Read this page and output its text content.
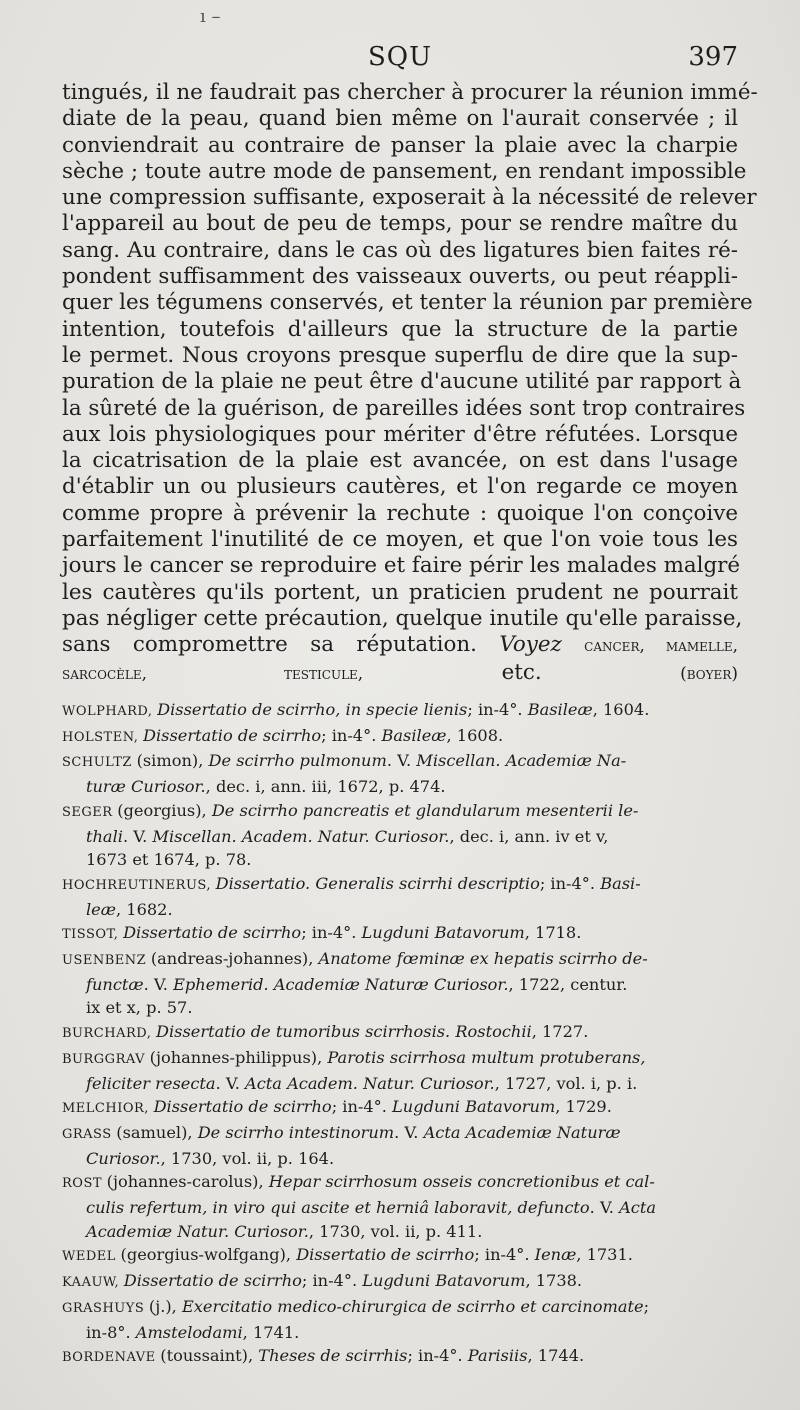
ı –
SQU	397
tingués, il ne faudrait pas chercher à procurer la réunion immé-
diate de la peau, quand bien même on l'aurait conservée ; il
conviendrait au contraire de panser la plaie avec la charpie
sèche ; toute autre mode de pansement, en rendant impossible
une compression suffisante, exposerait à la nécessité de relever
l'appareil au bout de peu de temps, pour se rendre maître du
sang. Au contraire, dans le cas où des ligatures bien faites ré-
pondent suffisamment des vaisseaux ouverts, ou peut réappli-
quer les tégumens conservés, et tenter la réunion par première
intention, toutefois d'ailleurs que la structure de la partie
le permet. Nous croyons presque superflu de dire que la sup-
puration de la plaie ne peut être d'aucune utilité par rapport à
la sûreté de la guérison, de pareilles idées sont trop contraires
aux lois physiologiques pour mériter d'être réfutées. Lorsque
la cicatrisation de la plaie est avancée, on est dans l'usage
d'établir un ou plusieurs cautères, et l'on regarde ce moyen
comme propre à prévenir la rechute : quoique l'on conçoive
parfaitement l'inutilité de ce moyen, et que l'on voie tous les
jours le cancer se reproduire et faire périr les malades malgré
les cautères qu'ils portent, un praticien prudent ne pourrait
pas négliger cette précaution, quelque inutile qu'elle paraisse,
sans compromettre sa réputation. Voyez cancer, mamelle,
sarcocèle, testicule,	etc.	(boyer)
WOLPHARD, Dissertatio de scirrho, in specie lienis; in-4°. Basileæ, 1604.
HOLSTEN, Dissertatio de scirrho; in-4°. Basileæ, 1608.
SCHULTZ (simon), De scirrho pulmonum. V. Miscellan. Academiæ Na-
turæ Curiosor., dec. i, ann. iii, 1672, p. 474.
SEGER (georgius), De scirrho pancreatis et glandularum mesenterii le-
thali. V. Miscellan. Academ. Natur. Curiosor., dec. i, ann. iv et v,
1673 et 1674, p. 78.
HOCHREUTINERUS, Dissertatio. Generalis scirrhi descriptio; in-4°. Basi-
leæ, 1682.
TISSOT, Dissertatio de scirrho; in-4°. Lugduni Batavorum, 1718.
USENBENZ (andreas-johannes), Anatome fœminæ ex hepatis scirrho de-
functæ. V. Ephemerid. Academiæ Naturæ Curiosor., 1722, centur.
ix et x, p. 57.
BURCHARD, Dissertatio de tumoribus scirrhosis. Rostochii, 1727.
BURGGRAV (johannes-philippus), Parotis scirrhosa multum protuberans,
feliciter resecta. V. Acta Academ. Natur. Curiosor., 1727, vol. i, p. i.
MELCHIOR, Dissertatio de scirrho; in-4°. Lugduni Batavorum, 1729.
GRASS (samuel), De scirrho intestinorum. V. Acta Academiæ Naturæ
Curiosor., 1730, vol. ii, p. 164.
ROST (johannes-carolus), Hepar scirrhosum osseis concretionibus et cal-
culis refertum, in viro qui ascite et herniâ laboravit, defuncto. V. Acta
Academiæ Natur. Curiosor., 1730, vol. ii, p. 411.
WEDEL (georgius-wolfgang), Dissertatio de scirrho; in-4°. Ienæ, 1731.
KAAUW, Dissertatio de scirrho; in-4°. Lugduni Batavorum, 1738.
GRASHUYS (j.), Exercitatio medico-chirurgica de scirrho et carcinomate;
in-8°. Amstelodami, 1741.
BORDENAVE (toussaint), Theses de scirrhis; in-4°. Parisiis, 1744.
